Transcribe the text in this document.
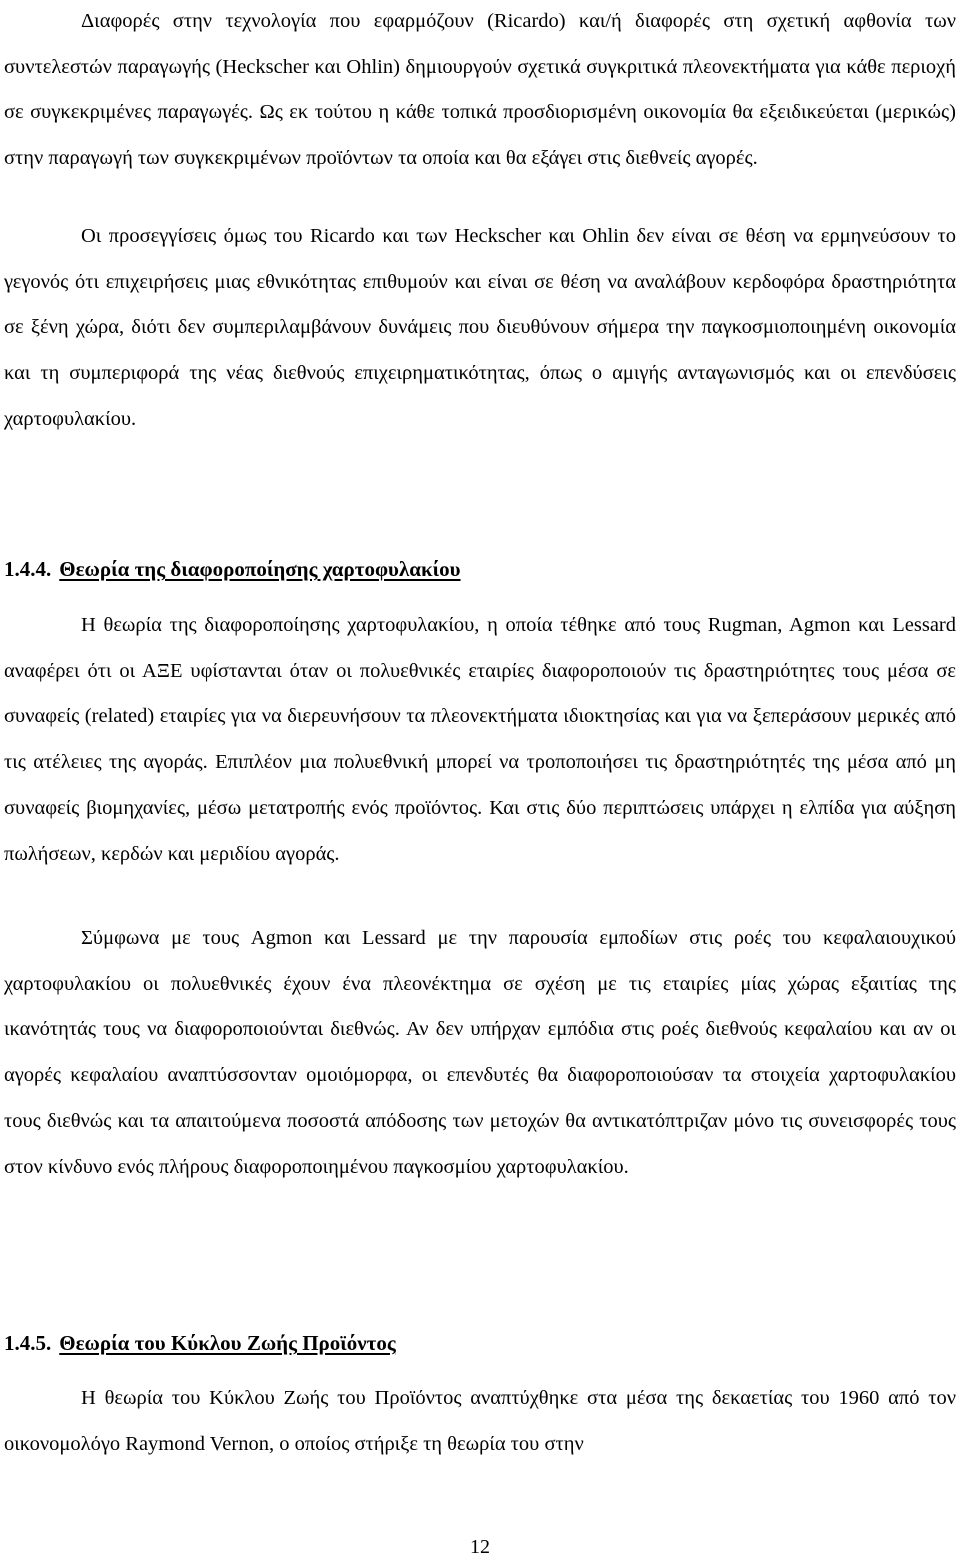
Διαφορές στην τεχνολογία που εφαρμόζουν (Ricardo) και/ή διαφορές στη σχετική αφθονία των συντελεστών παραγωγής (Heckscher και Ohlin) δημιουργούν σχετικά συγκριτικά πλεονεκτήματα για κάθε περιοχή σε συγκεκριμένες παραγωγές. Ως εκ τούτου η κάθε τοπικά προσδιορισμένη οικονομία θα εξειδικεύεται (μερικώς) στην παραγωγή των συγκεκριμένων προϊόντων τα οποία και θα εξάγει στις διεθνείς αγορές.

Οι προσεγγίσεις όμως του Ricardo και των Heckscher και Ohlin δεν είναι σε θέση να ερμηνεύσουν το γεγονός ότι επιχειρήσεις μιας εθνικότητας επιθυμούν και είναι σε θέση να αναλάβουν κερδοφόρα δραστηριότητα σε ξένη χώρα, διότι δεν συμπεριλαμβάνουν δυνάμεις που διευθύνουν σήμερα την παγκοσμιοποιημένη οικονομία και τη συμπεριφορά της νέας διεθνούς επιχειρηματικότητας, όπως ο αμιγής ανταγωνισμός και οι επενδύσεις χαρτοφυλακίου.

1.4.4. Θεωρία της διαφοροποίησης χαρτοφυλακίου

Η θεωρία της διαφοροποίησης χαρτοφυλακίου, η οποία τέθηκε από τους Rugman, Agmon και Lessard αναφέρει ότι οι ΑΞΕ υφίστανται όταν οι πολυεθνικές εταιρίες διαφοροποιούν τις δραστηριότητες τους μέσα σε συναφείς (related) εταιρίες για να διερευνήσουν τα πλεονεκτήματα ιδιοκτησίας και για να ξεπεράσουν μερικές από τις ατέλειες της αγοράς. Επιπλέον μια πολυεθνική μπορεί να τροποποιήσει τις δραστηριότητές της μέσα από μη συναφείς βιομηχανίες, μέσω μετατροπής ενός προϊόντος. Και στις δύο περιπτώσεις υπάρχει η ελπίδα για αύξηση πωλήσεων, κερδών και μεριδίου αγοράς.

Σύμφωνα με τους Agmon και Lessard με την παρουσία εμποδίων στις ροές του κεφαλαιουχικού χαρτοφυλακίου οι πολυεθνικές έχουν ένα πλεονέκτημα σε σχέση με τις εταιρίες μίας χώρας εξαιτίας της ικανότητάς τους να διαφοροποιούνται διεθνώς. Αν δεν υπήρχαν εμπόδια στις ροές διεθνούς κεφαλαίου και αν οι αγορές κεφαλαίου αναπτύσσονταν ομοιόμορφα, οι επενδυτές θα διαφοροποιούσαν τα στοιχεία χαρτοφυλακίου τους διεθνώς και τα απαιτούμενα ποσοστά απόδοσης των μετοχών θα αντικατόπτριζαν μόνο τις συνεισφορές τους στον κίνδυνο ενός πλήρους διαφοροποιημένου παγκοσμίου χαρτοφυλακίου.

1.4.5. Θεωρία του Κύκλου Ζωής Προϊόντος

Η θεωρία του Κύκλου Ζωής του Προϊόντος αναπτύχθηκε στα μέσα της δεκαετίας του 1960 από τον οικονομολόγο Raymond Vernon, ο οποίος στήριξε τη θεωρία του στην

12
